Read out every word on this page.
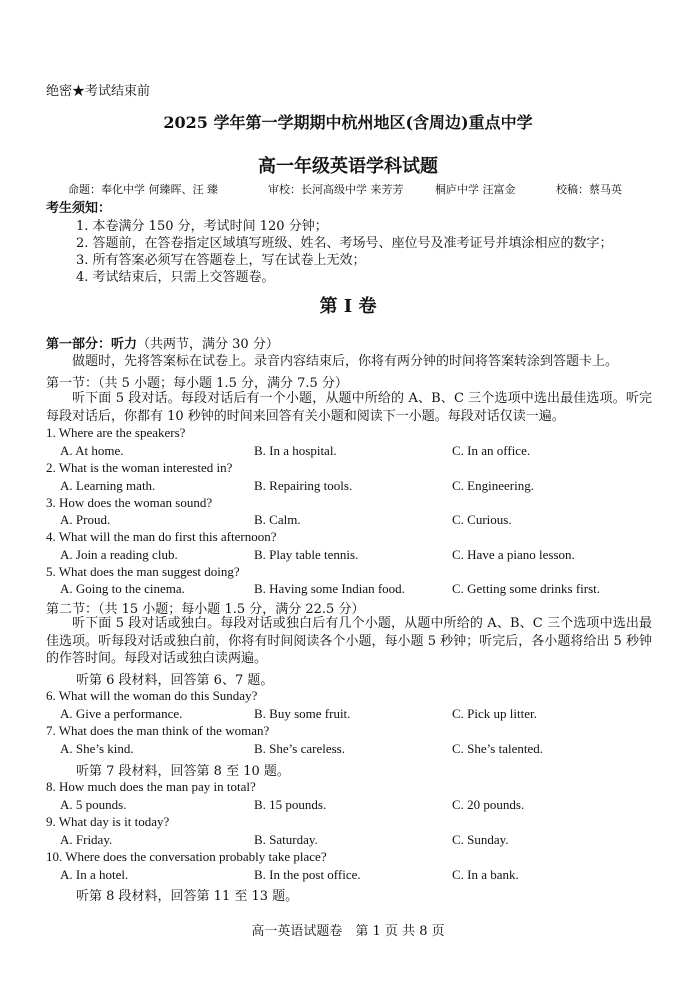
绝密★考试结束前
2025 学年第一学期期中杭州地区(含周边)重点中学
高一年级英语学科试题
命题：奉化中学 何臻晖、汪 臻	审校：长河高级中学 来芳芳	桐庐中学 汪富金	校稿：蔡马英
考生须知：
1. 本卷满分 150 分，考试时间 120 分钟；
2. 答题前，在答卷指定区域填写班级、姓名、考场号、座位号及准考证号并填涂相应的数字；
3. 所有答案必须写在答题卷上，写在试卷上无效；
4. 考试结束后，只需上交答题卷。
第 I 卷
第一部分：听力（共两节，满分 30 分）
做题时，先将答案标在试卷上。录音内容结束后，你将有两分钟的时间将答案转涂到答题卡上。
第一节：（共 5 小题；每小题 1.5 分，满分 7.5 分）
听下面 5 段对话。每段对话后有一个小题，从题中所给的 A、B、C 三个选项中选出最佳选项。听完每段对话后，你都有 10 秒钟的时间来回答有关小题和阅读下一小题。每段对话仅读一遍。
1. Where are the speakers?
A. At home.	B. In a hospital.	C. In an office.
2. What is the woman interested in?
A. Learning math.	B. Repairing tools.	C. Engineering.
3. How does the woman sound?
A. Proud.	B. Calm.	C. Curious.
4. What will the man do first this afternoon?
A. Join a reading club.	B. Play table tennis.	C. Have a piano lesson.
5. What does the man suggest doing?
A. Going to the cinema.	B. Having some Indian food.	C. Getting some drinks first.
第二节：（共 15 小题；每小题 1.5 分，满分 22.5 分）
听下面 5 段对话或独白。每段对话或独白后有几个小题，从题中所给的 A、B、C 三个选项中选出最佳选项。听每段对话或独白前，你将有时间阅读各个小题，每小题 5 秒钟；听完后，各小题将给出 5 秒钟的作答时间。每段对话或独白读两遍。
听第 6 段材料，回答第 6、7 题。
6. What will the woman do this Sunday?
A. Give a performance.	B. Buy some fruit.	C. Pick up litter.
7. What does the man think of the woman?
A. She’s kind.	B. She’s careless.	C. She’s talented.
听第 7 段材料，回答第 8 至 10 题。
8. How much does the man pay in total?
A. 5 pounds.	B. 15 pounds.	C. 20 pounds.
9. What day is it today?
A. Friday.	B. Saturday.	C. Sunday.
10. Where does the conversation probably take place?
A. In a hotel.	B. In the post office.	C. In a bank.
听第 8 段材料，回答第 11 至 13 题。
高一英语试题卷　第 1 页 共 8 页
